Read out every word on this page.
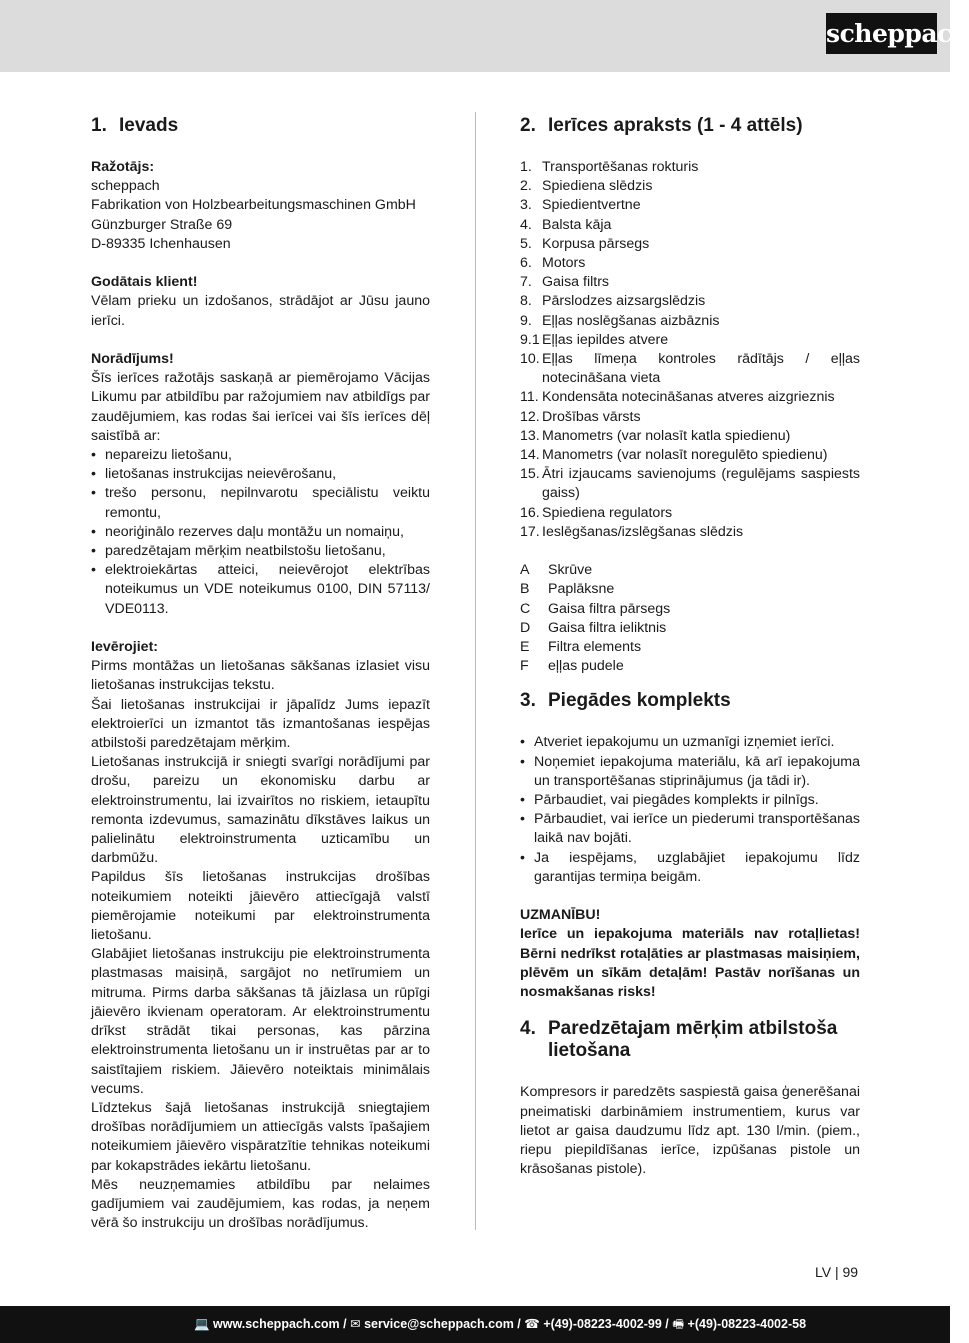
scheppach
1. Ievads
Ražotājs:
scheppach
Fabrikation von Holzbearbeitungsmaschinen GmbH
Günzburger Straße 69
D-89335 Ichenhausen
Godātais klient!

Vēlam prieku un izdošanos, strādājot ar Jūsu jauno ierīci.

Norādījums!

Šīs ierīces ražotājs saskaņā ar piemērojamo Vācijas Likumu par atbildību par ražojumiem nav atbildīgs par zaudējumiem, kas rodas šai ierīcei vai šīs ierīces dēļ saistībā ar:

• nepareizu lietošanu,
• lietošanas instrukcijas neievērošanu,
• trešo personu, nepilnvarotu speciālistu veiktu remontu,
• neoriģinālo rezerves daļu montāžu un nomaiņu,
• paredzētajam mērķim neatbilstošu lietošanu,
• elektroiekārtas atteici, neievērojot elektrības noteikumus un VDE noteikumus 0100, DIN 57113/ VDE0113.
Ievērojiet:

Pirms montāžas un lietošanas sākšanas izlasiet visu lietošanas instrukcijas tekstu.

Šai lietošanas instrukcijai ir jāpalīdz Jums iepazīt elektroierīci un izmantot tās izmantošanas iespējas atbilstoši paredzētajam mērķim.

Lietošanas instrukcijā ir sniegti svarīgi norādījumi par drošu, pareizu un ekonomisku darbu ar elektroinstrumentu, lai izvairītos no riskiem, ietaupītu remonta izdevumus, samazinātu dīkstāves laikus un palielinātu elektroinstrumenta uzticamību un darbmūžu.

Papildus šīs lietošanas instrukcijas drošības noteikumiem noteikti jāievēro attiecīgajā valstī piemērojamie noteikumi par elektroinstrumenta lietošanu.

Glabājiet lietošanas instrukciju pie elektroinstrumenta plastmasas maisiņā, sargājot no netīrumiem un mitruma. Pirms darba sākšanas tā jāizlasa un rūpīgi jāievēro ikvienam operatoram. Ar elektroinstrumentu drīkst strādāt tikai personas, kas pārzina elektroinstrumenta lietošanu un ir instruētas par ar to saistītajiem riskiem. Jāievēro noteiktais minimālais vecums.

Līdztekus šajā lietošanas instrukcijā sniegtajiem drošības norādījumiem un attiecīgās valsts īpašajiem noteikumiem jāievēro vispāratzītie tehnikas noteikumi par kokapstrādes iekārtu lietošanu.

Mēs neuzņemamies atbildību par nelaimes gadījumiem vai zaudējumiem, kas rodas, ja neņem vērā šo instrukciju un drošības norādījumus.

2. Ierīces apraksts (1 - 4 attēls)
1. Transportēšanas rokturis
2. Spiediena slēdzis
3. Spiedientvertne
4. Balsta kāja
5. Korpusa pārsegs
6. Motors
7. Gaisa filtrs
8. Pārslodzes aizsargslēdzis
9. Eļļas noslēgšanas aizbāznis
9.1 Eļļas iepildes atvere
10. Eļļas līmeņa kontroles rādītājs / eļļas notecināšana vieta
11. Kondensāta notecināšanas atveres aizgrieznis
12. Drošības vārsts
13. Manometrs (var nolasīt katla spiedienu)
14. Manometrs (var nolasīt noregulēto spiedienu)
15. Ātri izjaucams savienojums (regulējams saspiests gaiss)
16. Spiediena regulators
17. Ieslēgšanas/izslēgšanas slēdzis
A	Skrūve
B	Paplāksne
C	Gaisa filtra pārsegs
D	Gaisa filtra ieliktnis
E	Filtra elements
F	eļļas pudele
3. Piegādes komplekts
• Atveriet iepakojumu un uzmanīgi izņemiet ierīci.
• Noņemiet iepakojuma materiālu, kā arī iepakojuma un transportēšanas stiprinājumus (ja tādi ir).
• Pārbaudiet, vai piegādes komplekts ir pilnīgs.
• Pārbaudiet, vai ierīce un piederumi transportēšanas laikā nav bojāti.
• Ja iespējams, uzglabājiet iepakojumu līdz garantijas termiņa beigām.
UZMANĪBU!

Ierīce un iepakojuma materiāls nav rotaļlietas! Bērni nedrīkst rotaļāties ar plastmasas maisiņiem, plēvēm un sīkām detaļām! Pastāv norīšanas un nosmakšanas risks!

4. Paredzētajam mērķim atbilstoša lietošana

Kompresors ir paredzēts saspiestā gaisa ģenerēšanai pneimatiski darbināmiem instrumentiem, kurus var lietot ar gaisa daudzumu līdz apt. 130 l/min. (piem., riepu piepildīšanas ierīce, izpūšanas pistole un krāsošanas pistole).

LV | 99
💻 www.scheppach.com / ✉ service@scheppach.com / ☎ +(49)-08223-4002-99 / 🖷 +(49)-08223-4002-58
